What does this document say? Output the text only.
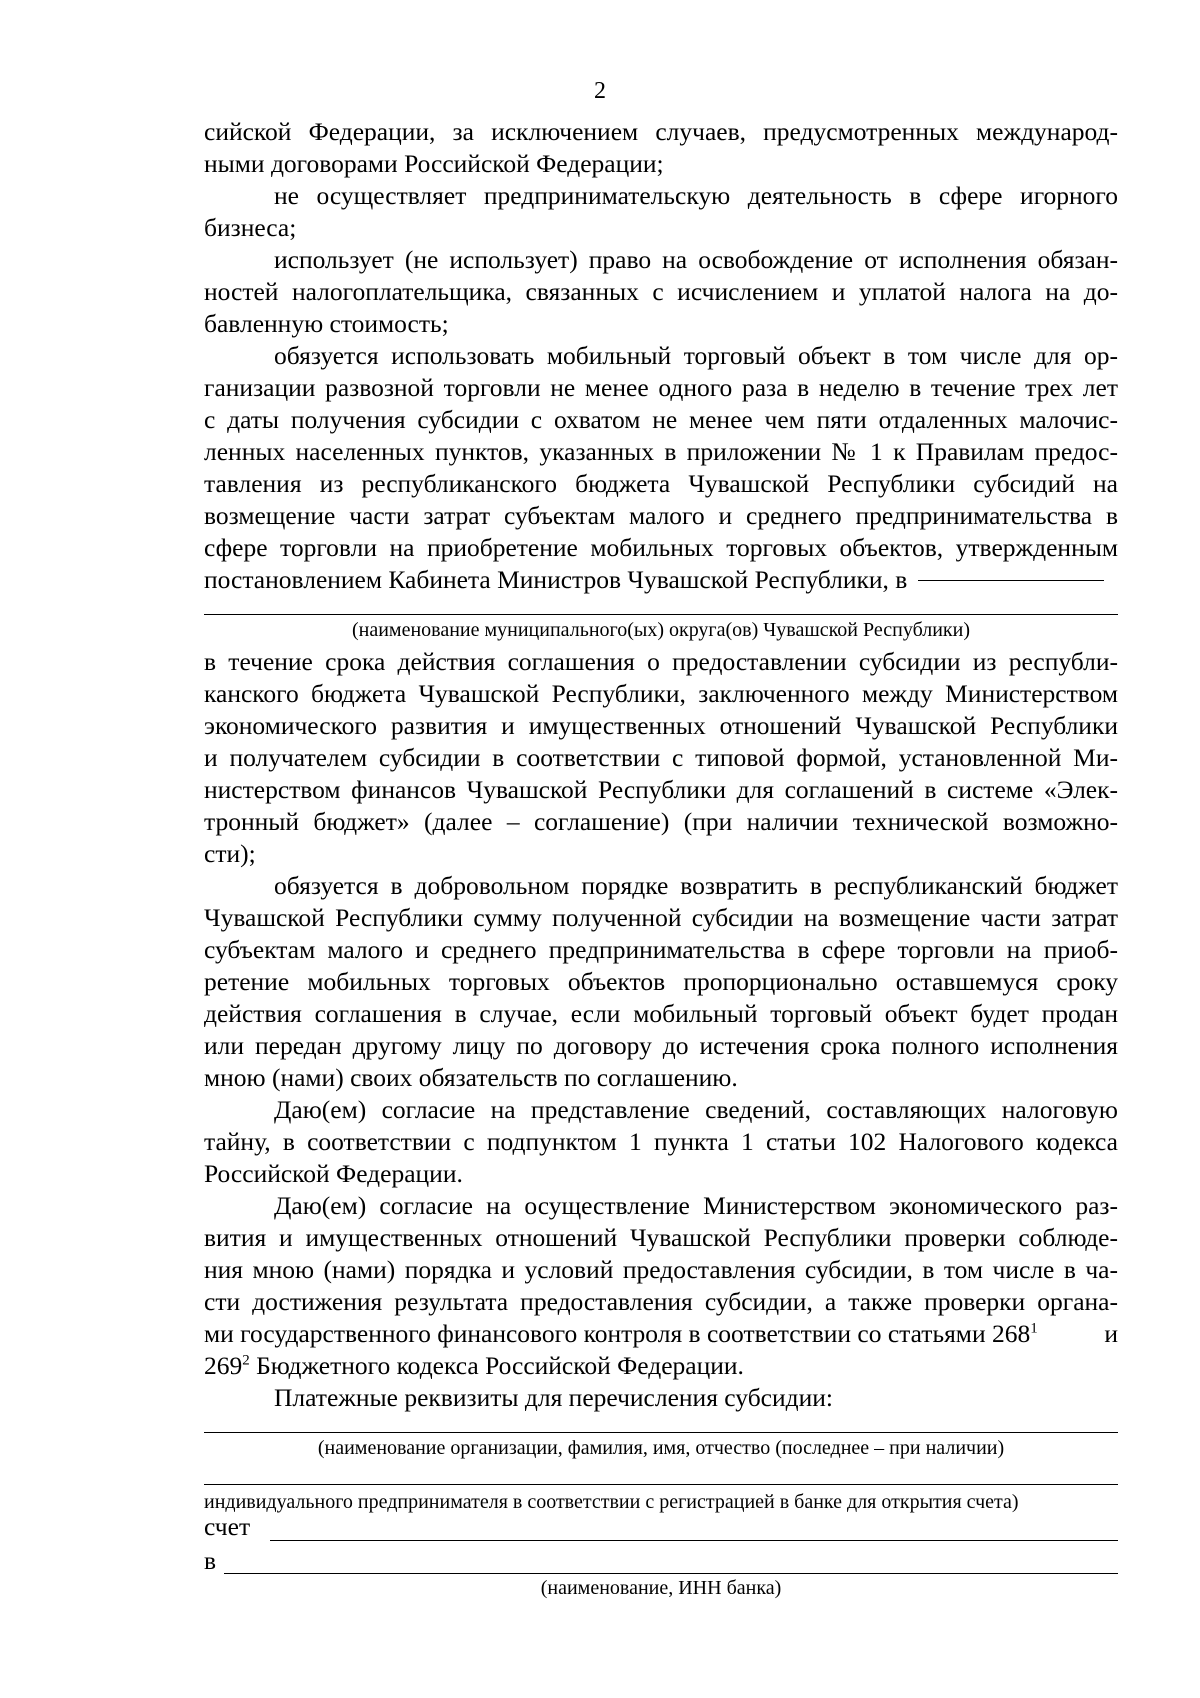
2
сийской Федерации, за исключением случаев, предусмотренных международ-
ными договорами Российской Федерации;
не осуществляет предпринимательскую деятельность в сфере игорного
бизнеса;
использует (не использует) право на освобождение от исполнения обязан-
ностей налогоплательщика, связанных с исчислением и уплатой налога на до-
бавленную стоимость;
обязуется использовать мобильный торговый объект в том числе для ор-
ганизации развозной торговли не менее одного раза в неделю в течение трех лет
с даты получения субсидии с охватом не менее чем пяти отдаленных малочис-
ленных населенных пунктов, указанных в приложении № 1 к Правилам предос-
тавления из республиканского бюджета Чувашской Республики субсидий на
возмещение части затрат субъектам малого и среднего предпринимательства в
сфере торговли на приобретение мобильных торговых объектов, утвержденным
постановлением Кабинета Министров Чувашской Республики, в
(наименование муниципального(ых) округа(ов) Чувашской Республики)
в течение срока действия соглашения о предоставлении субсидии из республи-
канского бюджета Чувашской Республики, заключенного между Министерством
экономического развития и имущественных отношений Чувашской Республики
и получателем субсидии в соответствии с типовой формой, установленной Ми-
нистерством финансов Чувашской Республики для соглашений в системе «Элек-
тронный бюджет» (далее – соглашение) (при наличии технической возможно-
сти);
обязуется в добровольном порядке возвратить в республиканский бюджет
Чувашской Республики сумму полученной субсидии на возмещение части затрат
субъектам малого и среднего предпринимательства в сфере торговли на приоб-
ретение мобильных торговых объектов пропорционально оставшемуся сроку
действия соглашения в случае, если мобильный торговый объект будет продан
или передан другому лицу по договору до истечения срока полного исполнения
мною (нами) своих обязательств по соглашению.
Даю(ем) согласие на представление сведений, составляющих налоговую
тайну, в соответствии с подпунктом 1 пункта 1 статьи 102 Налогового кодекса
Российской Федерации.
Даю(ем) согласие на осуществление Министерством экономического раз-
вития и имущественных отношений Чувашской Республики проверки соблюде-
ния мною (нами) порядка и условий предоставления субсидии, в том числе в ча-
сти достижения результата предоставления субсидии, а также проверки органа-
ми государственного финансового контроля в соответствии со статьями $268^1$	и
$269^2$ Бюджетного кодекса Российской Федерации.
Платежные реквизиты для перечисления субсидии:
(наименование организации, фамилия, имя, отчество (последнее – при наличии)
индивидуального предпринимателя в соответствии с регистрацией в банке для открытия счета)
счет
в
(наименование, ИНН банка)
